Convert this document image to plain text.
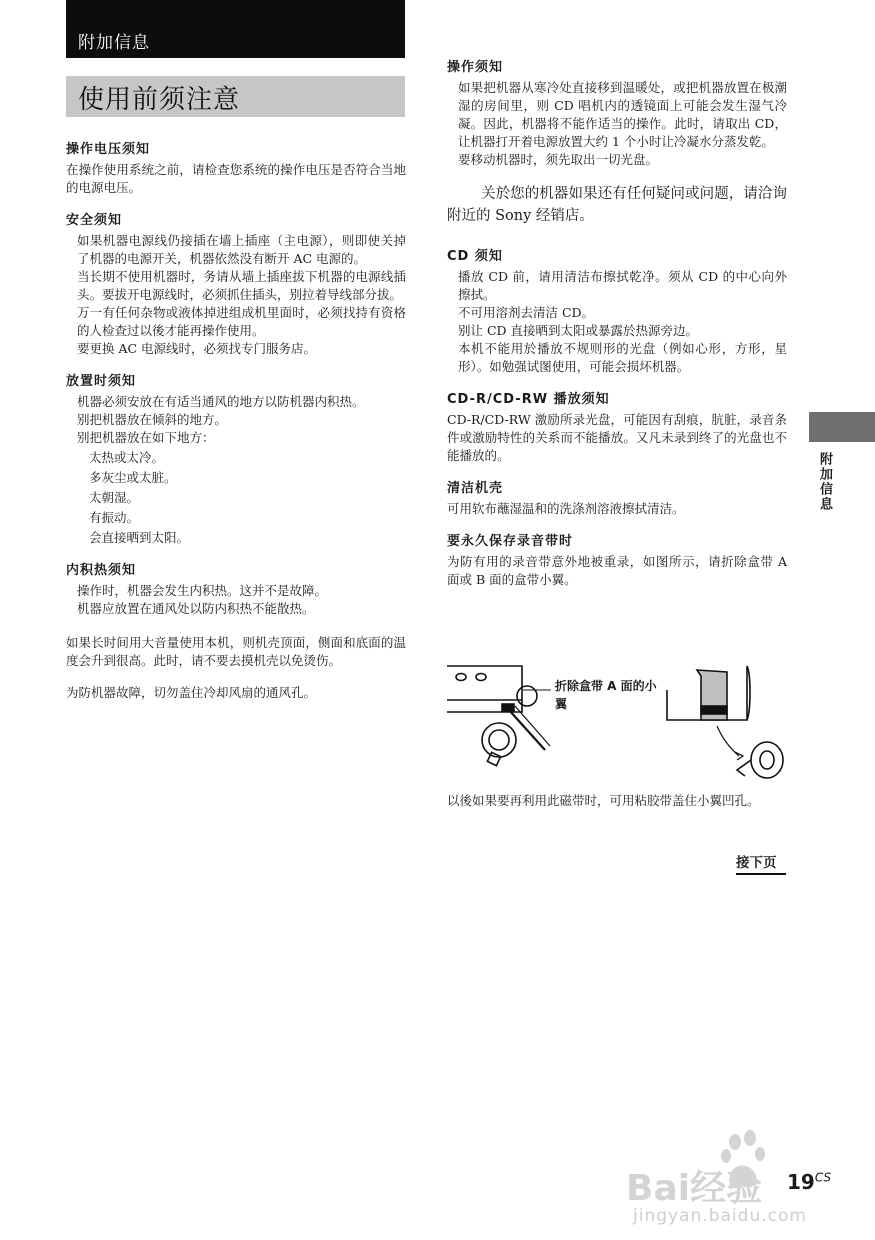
附加信息
使用前须注意
操作电压须知

在操作使用系统之前，请检查您系统的操作电压是否符合当地的电源电压。

安全须知

如果机器电源线仍接插在墙上插座（主电源），则即使关掉了机器的电源开关，机器依然没有断开 AC 电源的。

当长期不使用机器时，务请从墙上插座拔下机器的电源线插头。要拔开电源线时，必须抓住插头，别拉着导线部分拔。

万一有任何杂物或液体掉进组成机里面时，必须找持有资格的人检查过以後才能再操作使用。

要更换 AC 电源线时，必须找专门服务店。

放置时须知

机器必须安放在有适当通风的地方以防机器内积热。

别把机器放在倾斜的地方。

别把机器放在如下地方：

太热或太冷。

多灰尘或太脏。

太朝湿。

有振动。

会直接晒到太阳。

内积热须知

操作时，机器会发生内积热。这并不是故障。

机器应放置在通风处以防内积热不能散热。

如果长时间用大音量使用本机，则机壳顶面，侧面和底面的温度会升到很高。此时，请不要去摸机壳以免烫伤。

为防机器故障，切勿盖住冷却风扇的通风孔。

操作须知

如果把机器从寒冷处直接移到温暖处，或把机器放置在极潮湿的房间里，则 CD 唱机内的透镜面上可能会发生湿气冷凝。因此，机器将不能作适当的操作。此时，请取出 CD，让机器打开着电源放置大约 1 个小时让冷凝水分蒸发乾。

要移动机器时，须先取出一切光盘。

关於您的机器如果还有任何疑问或问题，请洽询附近的 Sony 经销店。

CD 须知

播放 CD 前，请用清洁布擦拭乾净。须从 CD 的中心向外擦拭。

不可用溶剂去清洁 CD。

别让 CD 直接晒到太阳或暴露於热源旁边。

本机不能用於播放不规则形的光盘（例如心形，方形，星形）。如勉强试图使用，可能会损坏机器。

CD-R/CD-RW 播放须知

CD-R/CD-RW 激励所录光盘，可能因有刮痕，肮脏，录音条件或激励特性的关系而不能播放。又凡未录到终了的光盘也不能播放的。

清洁机壳

可用软布蘸湿温和的洗涤剂溶液擦拭清洁。

要永久保存录音带时

为防有用的录音带意外地被重录，如图所示，请折除盒带 A 面或 B 面的盒带小翼。

折除盒带 A 面的小翼

以後如果要再利用此磁带时，可用粘胶带盖住小翼凹孔。

接下页
附加信息
$19^{CS}$
Bai经验
jingyan.baidu.com
